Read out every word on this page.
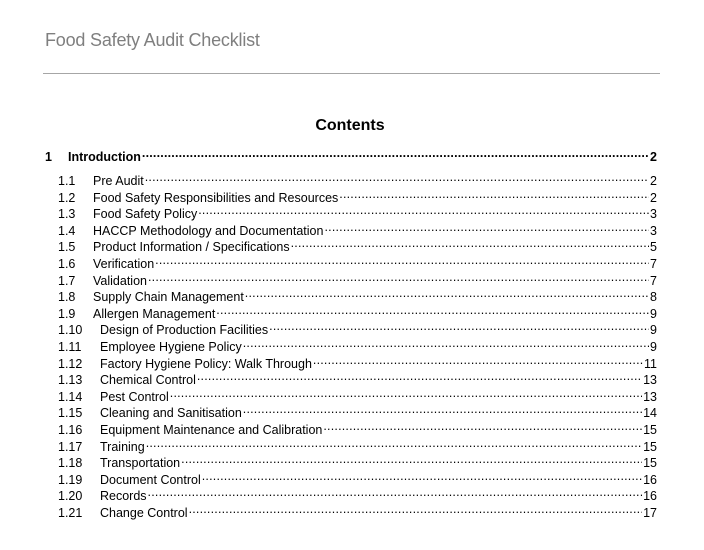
Food Safety Audit Checklist
Contents
1	Introduction .....	2
1.1	Pre Audit .....	2
1.2	Food Safety Responsibilities and Resources .....	2
1.3	Food Safety Policy .....	3
1.4	HACCP Methodology and Documentation .....	3
1.5	Product Information / Specifications .....	5
1.6	Verification .....	7
1.7	Validation .....	7
1.8	Supply Chain Management .....	8
1.9	Allergen Management .....	9
1.10	Design of Production Facilities .....	9
1.11	Employee Hygiene Policy .....	9
1.12	Factory Hygiene Policy: Walk Through .....	11
1.13	Chemical Control .....	13
1.14	Pest Control .....	13
1.15	Cleaning and Sanitisation .....	14
1.16	Equipment Maintenance and Calibration .....	15
1.17	Training .....	15
1.18	Transportation .....	15
1.19	Document Control .....	16
1.20	Records .....	16
1.21	Change Control .....	17
